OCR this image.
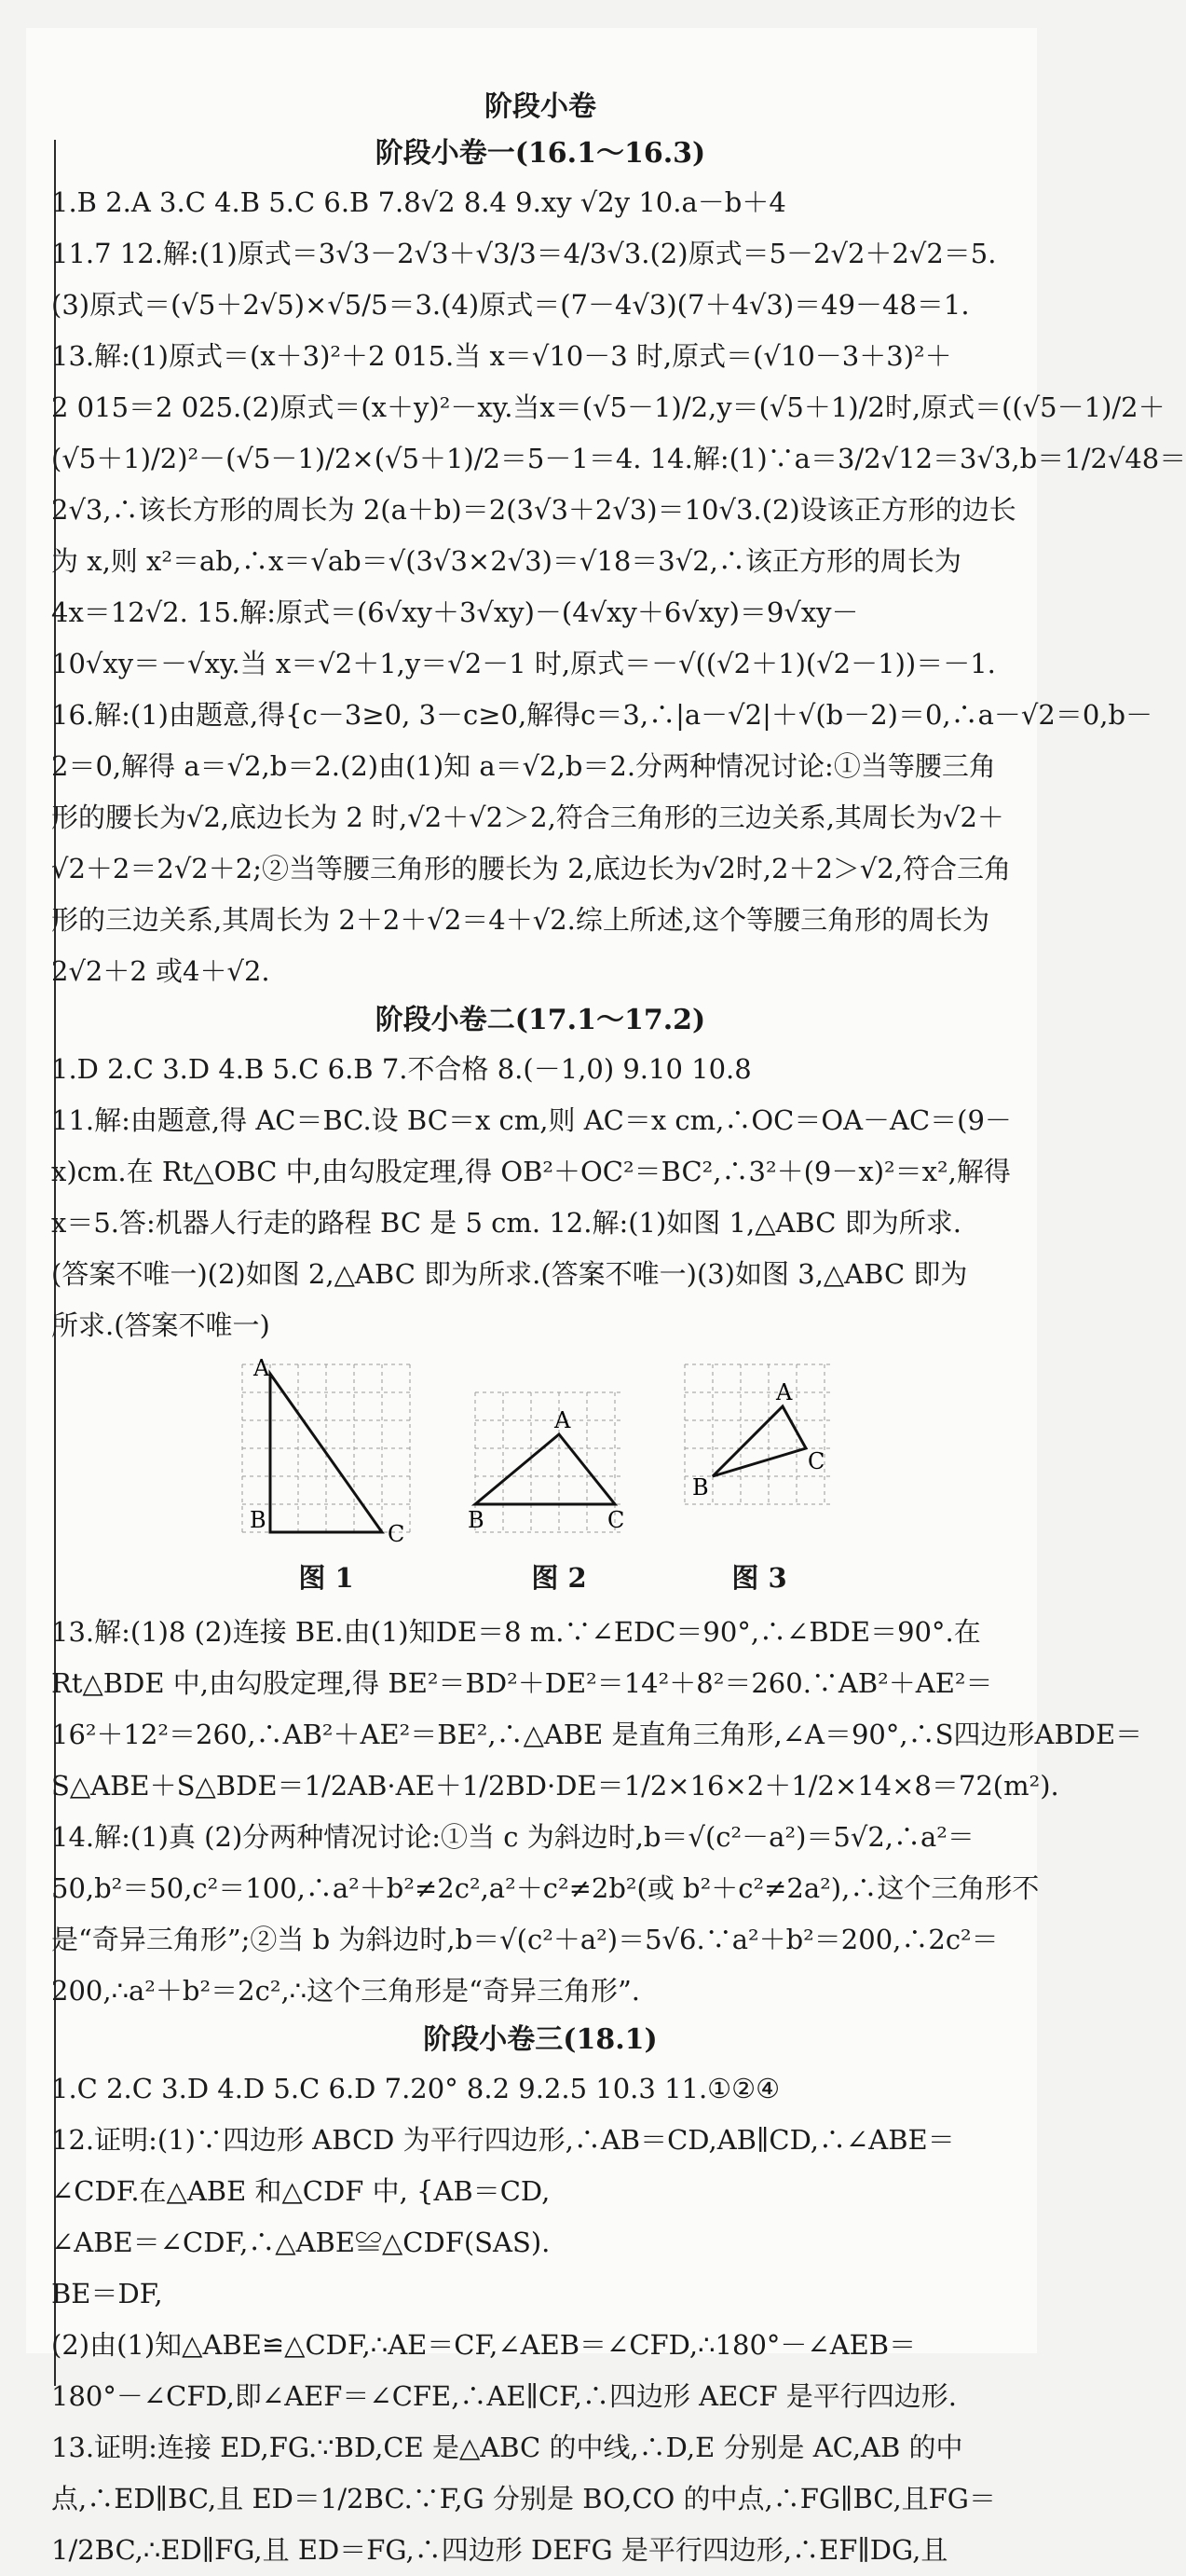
阶段小卷
阶段小卷一(16.1～16.3)
1.B 2.A 3.C 4.B 5.C 6.B 7.8√2 8.4 9.xy √2y 10.a－b＋4
11.7 12.解:(1)原式＝3√3－2√3＋√3/3＝4/3√3.(2)原式＝5－2√2＋2√2＝5.
(3)原式＝(√5＋2√5)×√5/5＝3.(4)原式＝(7－4√3)(7＋4√3)＝49－48＝1.
13.解:(1)原式＝(x＋3)²＋2 015.当 x＝√10－3 时,原式＝(√10－3＋3)²＋
2 015＝2 025.(2)原式＝(x＋y)²－xy.当x＝(√5－1)/2,y＝(√5＋1)/2时,原式＝((√5－1)/2＋
(√5＋1)/2)²－(√5－1)/2×(√5＋1)/2＝5－1＝4. 14.解:(1)∵a＝3/2√12＝3√3,b＝1/2√48＝
2√3,∴该长方形的周长为 2(a＋b)＝2(3√3＋2√3)＝10√3.(2)设该正方形的边长
为 x,则 x²＝ab,∴x＝√ab＝√(3√3×2√3)＝√18＝3√2,∴该正方形的周长为
4x＝12√2. 15.解:原式＝(6√xy＋3√xy)－(4√xy＋6√xy)＝9√xy－
10√xy＝－√xy.当 x＝√2＋1,y＝√2－1 时,原式＝－√((√2＋1)(√2－1))＝－1.
16.解:(1)由题意,得{c－3≥0, 3－c≥0,解得c＝3,∴|a－√2|＋√(b－2)＝0,∴a－√2＝0,b－
2＝0,解得 a＝√2,b＝2.(2)由(1)知 a＝√2,b＝2.分两种情况讨论:①当等腰三角
形的腰长为√2,底边长为 2 时,√2＋√2＞2,符合三角形的三边关系,其周长为√2＋
√2＋2＝2√2＋2;②当等腰三角形的腰长为 2,底边长为√2时,2＋2＞√2,符合三角
形的三边关系,其周长为 2＋2＋√2＝4＋√2.综上所述,这个等腰三角形的周长为
2√2＋2 或4＋√2.
阶段小卷二(17.1～17.2)
1.D 2.C 3.D 4.B 5.C 6.B 7.不合格 8.(－1,0) 9.10 10.8
11.解:由题意,得 AC＝BC.设 BC＝x cm,则 AC＝x cm,∴OC＝OA－AC＝(9－
x)cm.在 Rt△OBC 中,由勾股定理,得 OB²＋OC²＝BC²,∴3²＋(9－x)²＝x²,解得
x＝5.答:机器人行走的路程 BC 是 5 cm. 12.解:(1)如图 1,△ABC 即为所求.
(答案不唯一)(2)如图 2,△ABC 即为所求.(答案不唯一)(3)如图 3,△ABC 即为
所求.(答案不唯一)
A
B
C
图 1
A
B	C
图 2
A
B
C
图 3
13.解:(1)8 (2)连接 BE.由(1)知DE＝8 m.∵∠EDC＝90°,∴∠BDE＝90°.在
Rt△BDE 中,由勾股定理,得 BE²＝BD²＋DE²＝14²＋8²＝260.∵AB²＋AE²＝
16²＋12²＝260,∴AB²＋AE²＝BE²,∴△ABE 是直角三角形,∠A＝90°,∴S四边形ABDE＝
S△ABE＋S△BDE＝1/2AB·AE＋1/2BD·DE＝1/2×16×2＋1/2×14×8＝72(m²).
14.解:(1)真 (2)分两种情况讨论:①当 c 为斜边时,b＝√(c²－a²)＝5√2,∴a²＝
50,b²＝50,c²＝100,∴a²＋b²≠2c²,a²＋c²≠2b²(或 b²＋c²≠2a²),∴这个三角形不
是“奇异三角形”;②当 b 为斜边时,b＝√(c²＋a²)＝5√6.∵a²＋b²＝200,∴2c²＝
200,∴a²＋b²＝2c²,∴这个三角形是“奇异三角形”.
阶段小卷三(18.1)
1.C 2.C 3.D 4.D 5.C 6.D 7.20° 8.2 9.2.5 10.3 11.①②④
12.证明:(1)∵四边形 ABCD 为平行四边形,∴AB＝CD,AB∥CD,∴∠ABE＝
∠CDF.在△ABE 和△CDF 中, {AB＝CD,
∠ABE＝∠CDF,∴△ABE≌△CDF(SAS).
BE＝DF,
(2)由(1)知△ABE≌△CDF,∴AE＝CF,∠AEB＝∠CFD,∴180°－∠AEB＝
180°－∠CFD,即∠AEF＝∠CFE,∴AE∥CF,∴四边形 AECF 是平行四边形.
13.证明:连接 ED,FG.∵BD,CE 是△ABC 的中线,∴D,E 分别是 AC,AB 的中
点,∴ED∥BC,且 ED＝1/2BC.∵F,G 分别是 BO,CO 的中点,∴FG∥BC,且FG＝
1/2BC,∴ED∥FG,且 ED＝FG,∴四边形 DEFG 是平行四边形,∴EF∥DG,且
